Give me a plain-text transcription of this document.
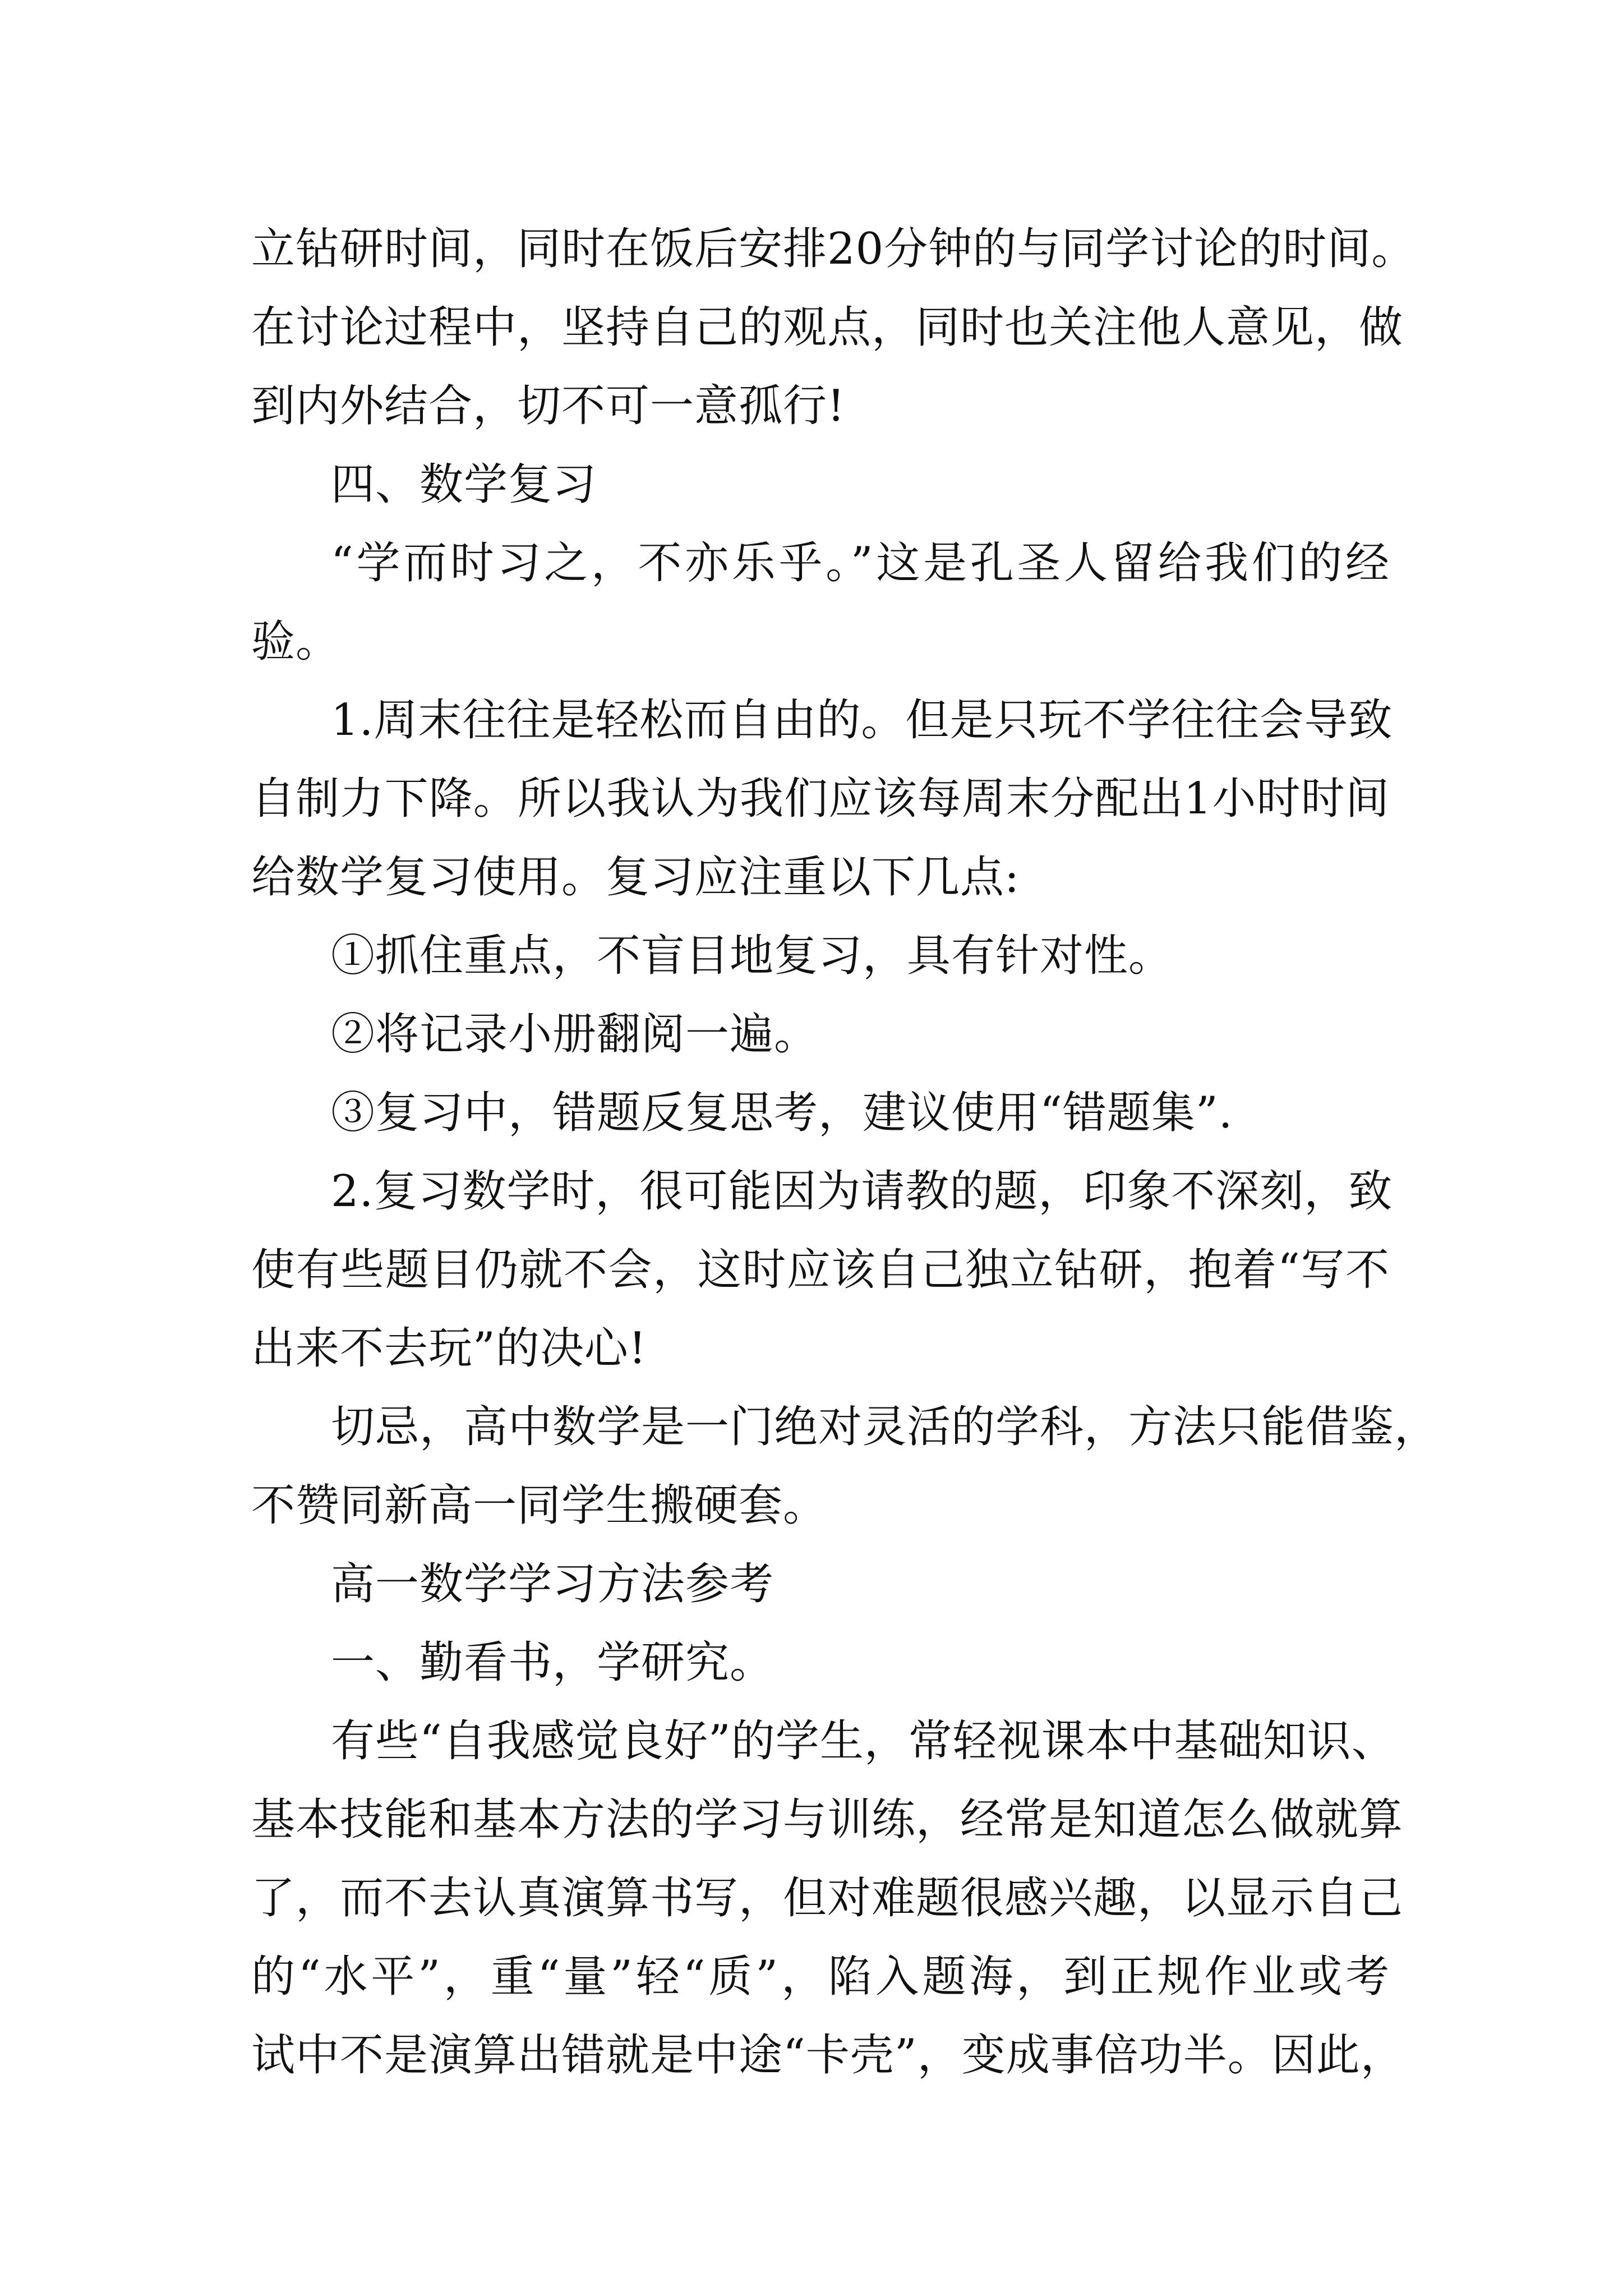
立钻研时间，同时在饭后安排20分钟的与同学讨论的时间。
在讨论过程中，坚持自己的观点，同时也关注他人意见，做
到内外结合，切不可一意孤行!
四、数学复习
“学而时习之，不亦乐乎。”这是孔圣人留给我们的经
验。
1.周末往往是轻松而自由的。但是只玩不学往往会导致
自制力下降。所以我认为我们应该每周末分配出1小时时间
给数学复习使用。复习应注重以下几点:
①抓住重点，不盲目地复习，具有针对性。
②将记录小册翻阅一遍。
③复习中，错题反复思考，建议使用“错题集”.
2.复习数学时，很可能因为请教的题，印象不深刻，致
使有些题目仍就不会，这时应该自己独立钻研，抱着“写不
出来不去玩”的决心!
切忌，高中数学是一门绝对灵活的学科，方法只能借鉴，
不赞同新高一同学生搬硬套。
高一数学学习方法参考
一、勤看书，学研究。
有些“自我感觉良好”的学生，常轻视课本中基础知识、
基本技能和基本方法的学习与训练，经常是知道怎么做就算
了，而不去认真演算书写，但对难题很感兴趣，以显示自己
的“水平”，重“量”轻“质”，陷入题海，到正规作业或考
试中不是演算出错就是中途“卡壳”，变成事倍功半。因此，
